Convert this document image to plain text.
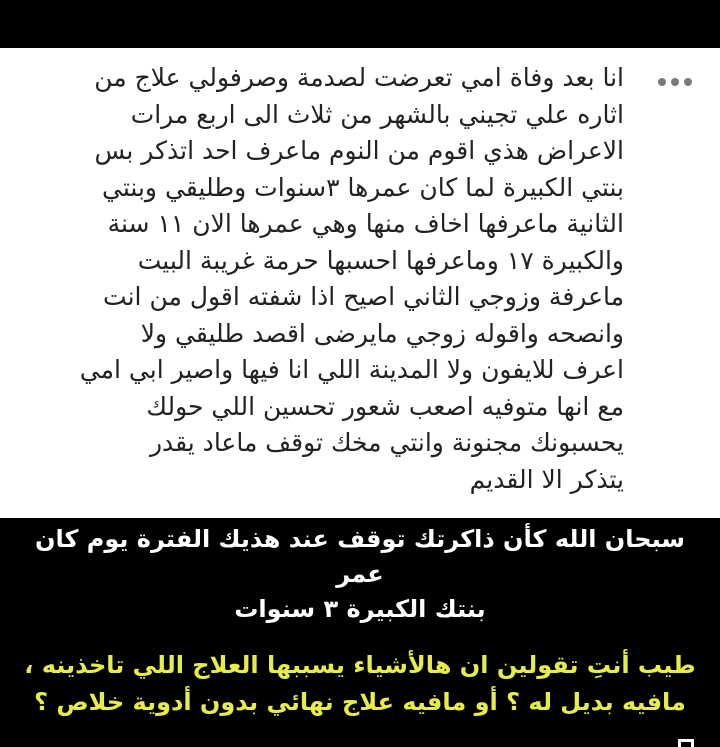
انا بعد وفاة امي تعرضت لصدمة وصرفولي علاج من
اثاره علي تجيني بالشهر من ثلاث الى اربع مرات
الاعراض هذي اقوم من النوم ماعرف احد اتذكر بس
بنتي الكبيرة لما كان عمرها ٣سنوات وطليقي وبنتي
الثانية ماعرفها اخاف منها وهي عمرها الان ١١ سنة
والكبيرة ١٧ وماعرفها احسبها حرمة غريبة البيت
ماعرفة وزوجي الثاني اصيح اذا شفته اقول من انت
وانصحه واقوله زوجي مايرضى اقصد طليقي ولا
اعرف للايفون ولا المدينة اللي انا فيها واصير ابي امي
مع انها متوفيه اصعب شعور تحسين اللي حولك
يحسبونك مجنونة وانتي مخك توقف ماعاد يقدر
يتذكر الا القديم
سبحان الله كأن ذاكرتك توقف عند هذيك الفترة يوم كان عمر
بنتك الكبيرة ٣ سنوات
طيب أنتِ تقولين ان هالأشياء يسببها العلاج اللي تاخذينه ،
مافيه بديل له ؟ أو مافيه علاج نهائي بدون أدوية خلاص ؟
